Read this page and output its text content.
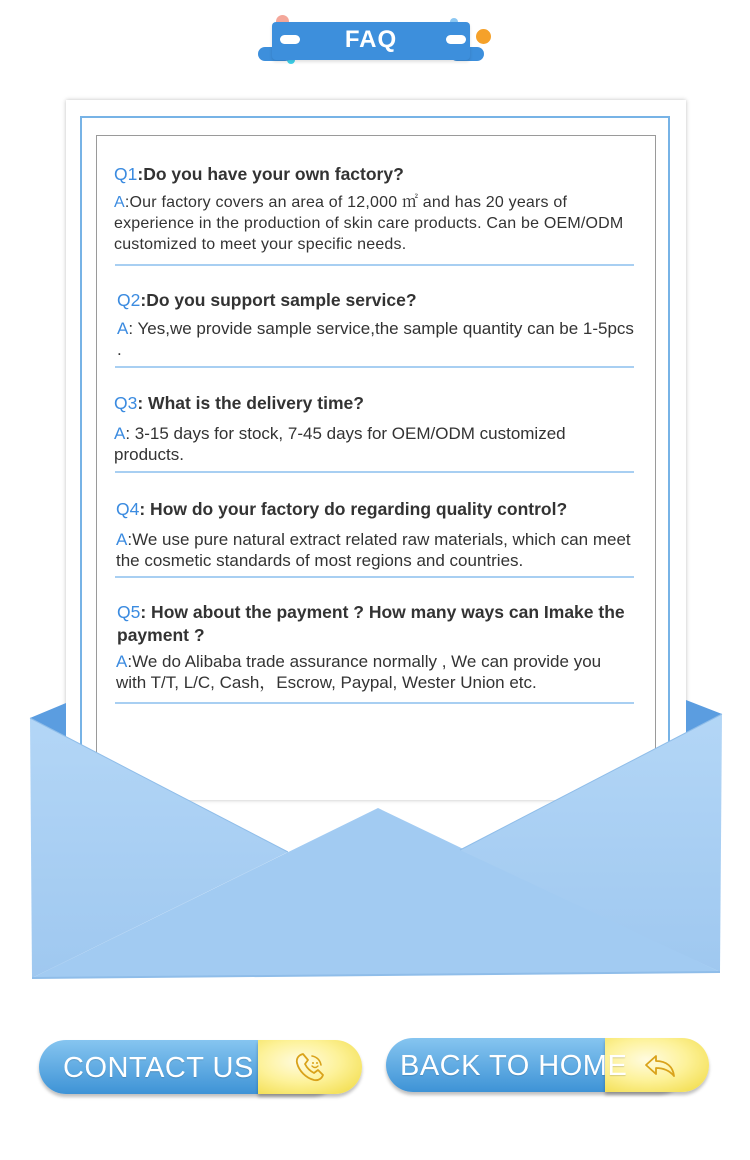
FAQ

Q1:Do you have your own factory?

A:Our factory covers an area of 12,000 ㎡ and has 20 years of experience in the production of skin care products. Can be OEM/ODM customized to meet your specific needs.

Q2:Do you support sample service?

A: Yes,we provide sample service,the sample quantity can be 1-5pcs .

Q3: What is the delivery time?

A: 3-15 days for stock, 7-45 days for OEM/ODM customized products.

Q4: How do your factory do regarding quality control?

A:We use pure natural extract related raw materials, which can meet the cosmetic standards of most regions and countries.

Q5: How about the payment ? How many ways can Imake the payment ?

A:We do Alibaba trade assurance normally , We can provide you with T/T, L/C, Cash，Escrow, Paypal, Wester Union etc.
CONTACT US	BACK TO HOME
